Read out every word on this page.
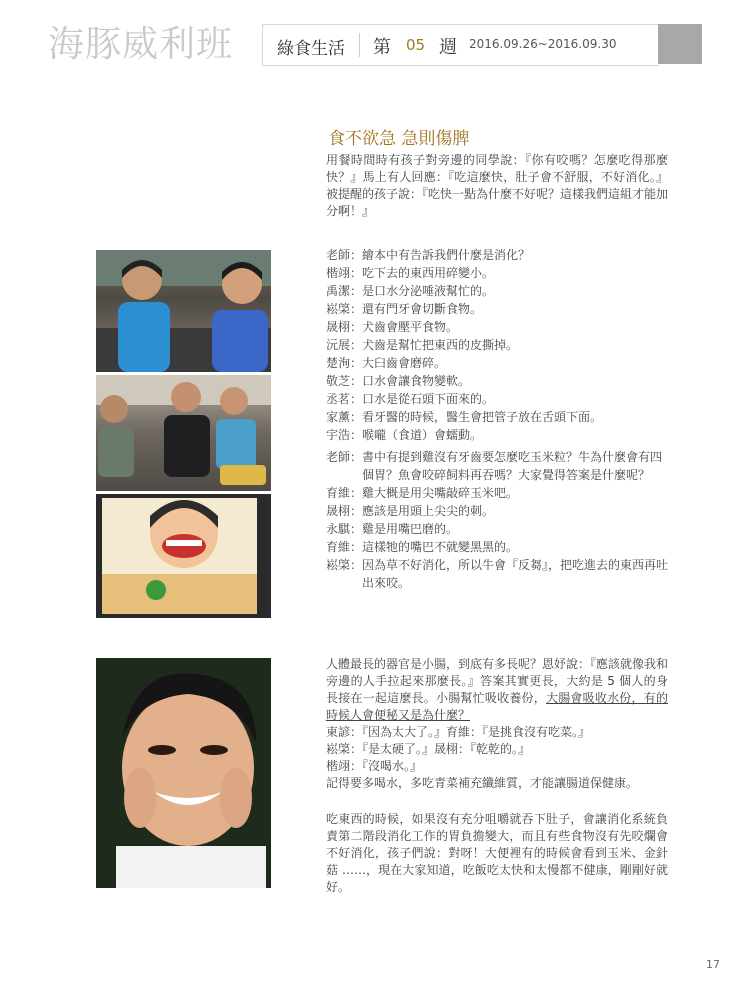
海豚威利班	綠食生活 第 05 週 2016.09.26~2016.09.30
食不欲急 急則傷脾

用餐時間時有孩子對旁邊的同學說：『你有咬嗎？怎麼吃得那麼快？』馬上有人回應：『吃這麼快，肚子會不舒服，不好消化。』被提醒的孩子說：『吃快一點為什麼不好呢？這樣我們這組才能加分啊！』

老師： 繪本中有告訴我們什麼是消化？
楷翊： 吃下去的東西用碎變小。
禹潔： 是口水分泌唾液幫忙的。
崧棨： 還有門牙會切斷食物。
晟栩： 犬齒會壓平食物。
沅展： 犬齒是幫忙把東西的皮撕掉。
楚洵： 大臼齒會磨碎。
敬芝： 口水會讓食物變軟。
丞茗： 口水是從石頭下面來的。
家薰： 看牙醫的時候，醫生會把管子放在舌頭下面。
宇浩： 喉嚨（食道）會蠕動。
老師： 書中有提到雞沒有牙齒要怎麼吃玉米粒？牛為什麼會有四個胃？魚會咬碎飼料再吞嗎？大家覺得答案是什麼呢？
育維： 雞大概是用尖嘴敲碎玉米吧。
晟栩： 應該是用頭上尖尖的刺。
永騏： 雞是用嘴巴磨的。
育維： 這樣牠的嘴巴不就變黑黑的。
崧棨： 因為草不好消化，所以牛會『反芻』，把吃進去的東西再吐出來咬。
人體最長的器官是小腸，到底有多長呢？恩妤說：『應該就像我和旁邊的人手拉起來那麼長。』答案其實更長，大約是 5 個人的身長接在一起這麼長。小腸幫忙吸收養份，大腸會吸收水份，有的時候人會便秘又是為什麼？
東諺：『因為太大了。』育維：『是挑食沒有吃菜。』
崧棨：『是太硬了。』晟栩：『乾乾的。』
楷翊：『沒喝水。』
記得要多喝水，多吃青菜補充纖維質，才能讓腸道保健康。

吃東西的時候，如果沒有充分咀嚼就吞下肚子，會讓消化系統負責第二階段消化工作的胃負擔變大，而且有些食物沒有先咬爛會不好消化，孩子們說：對呀！大便裡有的時候會看到玉米、金針菇 ……，現在大家知道，吃飯吃太快和太慢都不健康，剛剛好就好。

17
